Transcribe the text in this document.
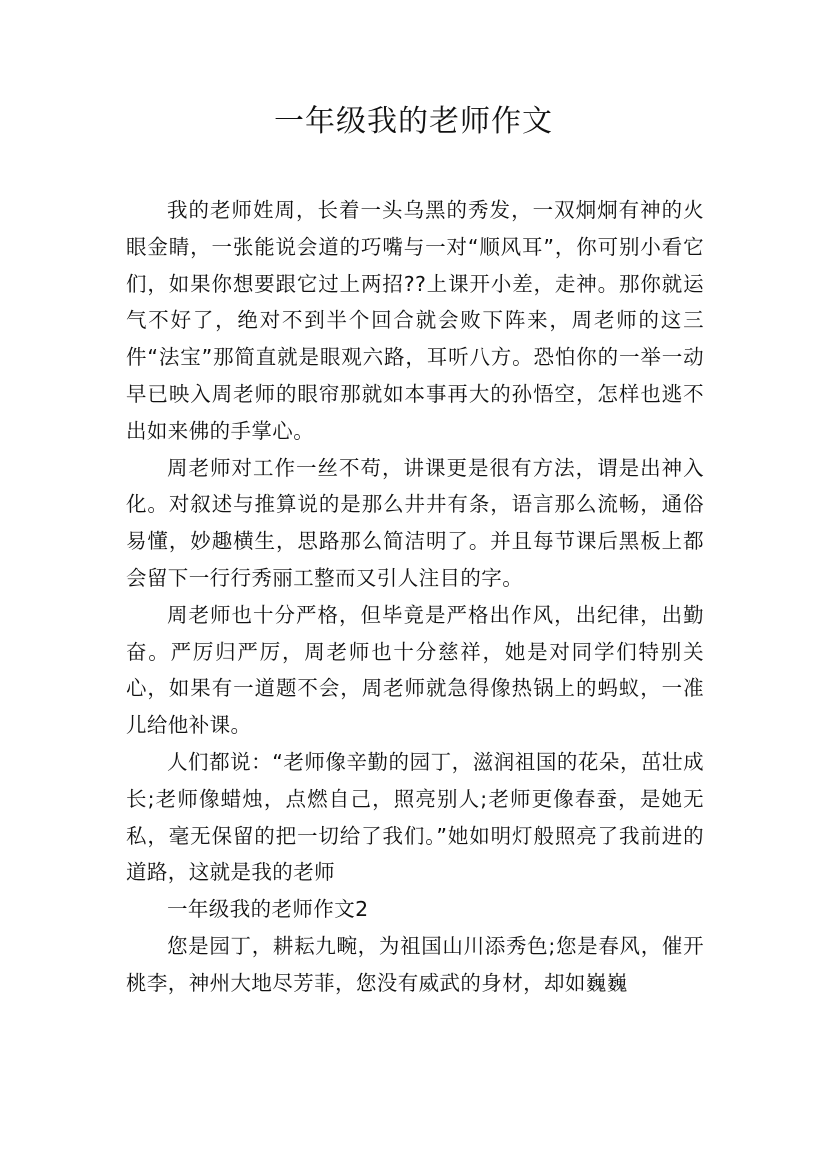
一年级我的老师作文

我的老师姓周，长着一头乌黑的秀发，一双炯炯有神的火眼金睛，一张能说会道的巧嘴与一对“顺风耳”，你可别小看它们，如果你想要跟它过上两招??上课开小差，走神。那你就运气不好了，绝对不到半个回合就会败下阵来，周老师的这三件“法宝”那简直就是眼观六路，耳听八方。恐怕你的一举一动早已映入周老师的眼帘那就如本事再大的孙悟空，怎样也逃不出如来佛的手掌心。

周老师对工作一丝不苟，讲课更是很有方法，谓是出神入化。对叙述与推算说的是那么井井有条，语言那么流畅，通俗易懂，妙趣横生，思路那么简洁明了。并且每节课后黑板上都会留下一行行秀丽工整而又引人注目的字。

周老师也十分严格，但毕竟是严格出作风，出纪律，出勤奋。严厉归严厉，周老师也十分慈祥，她是对同学们特别关心，如果有一道题不会，周老师就急得像热锅上的蚂蚁，一准儿给他补课。

人们都说：“老师像辛勤的园丁，滋润祖国的花朵，茁壮成长;老师像蜡烛，点燃自己，照亮别人;老师更像春蚕，是她无私，毫无保留的把一切给了我们。”她如明灯般照亮了我前进的道路，这就是我的老师

一年级我的老师作文2

您是园丁，耕耘九畹，为祖国山川添秀色;您是春风，催开桃李，神州大地尽芳菲，您没有威武的身材，却如巍巍
